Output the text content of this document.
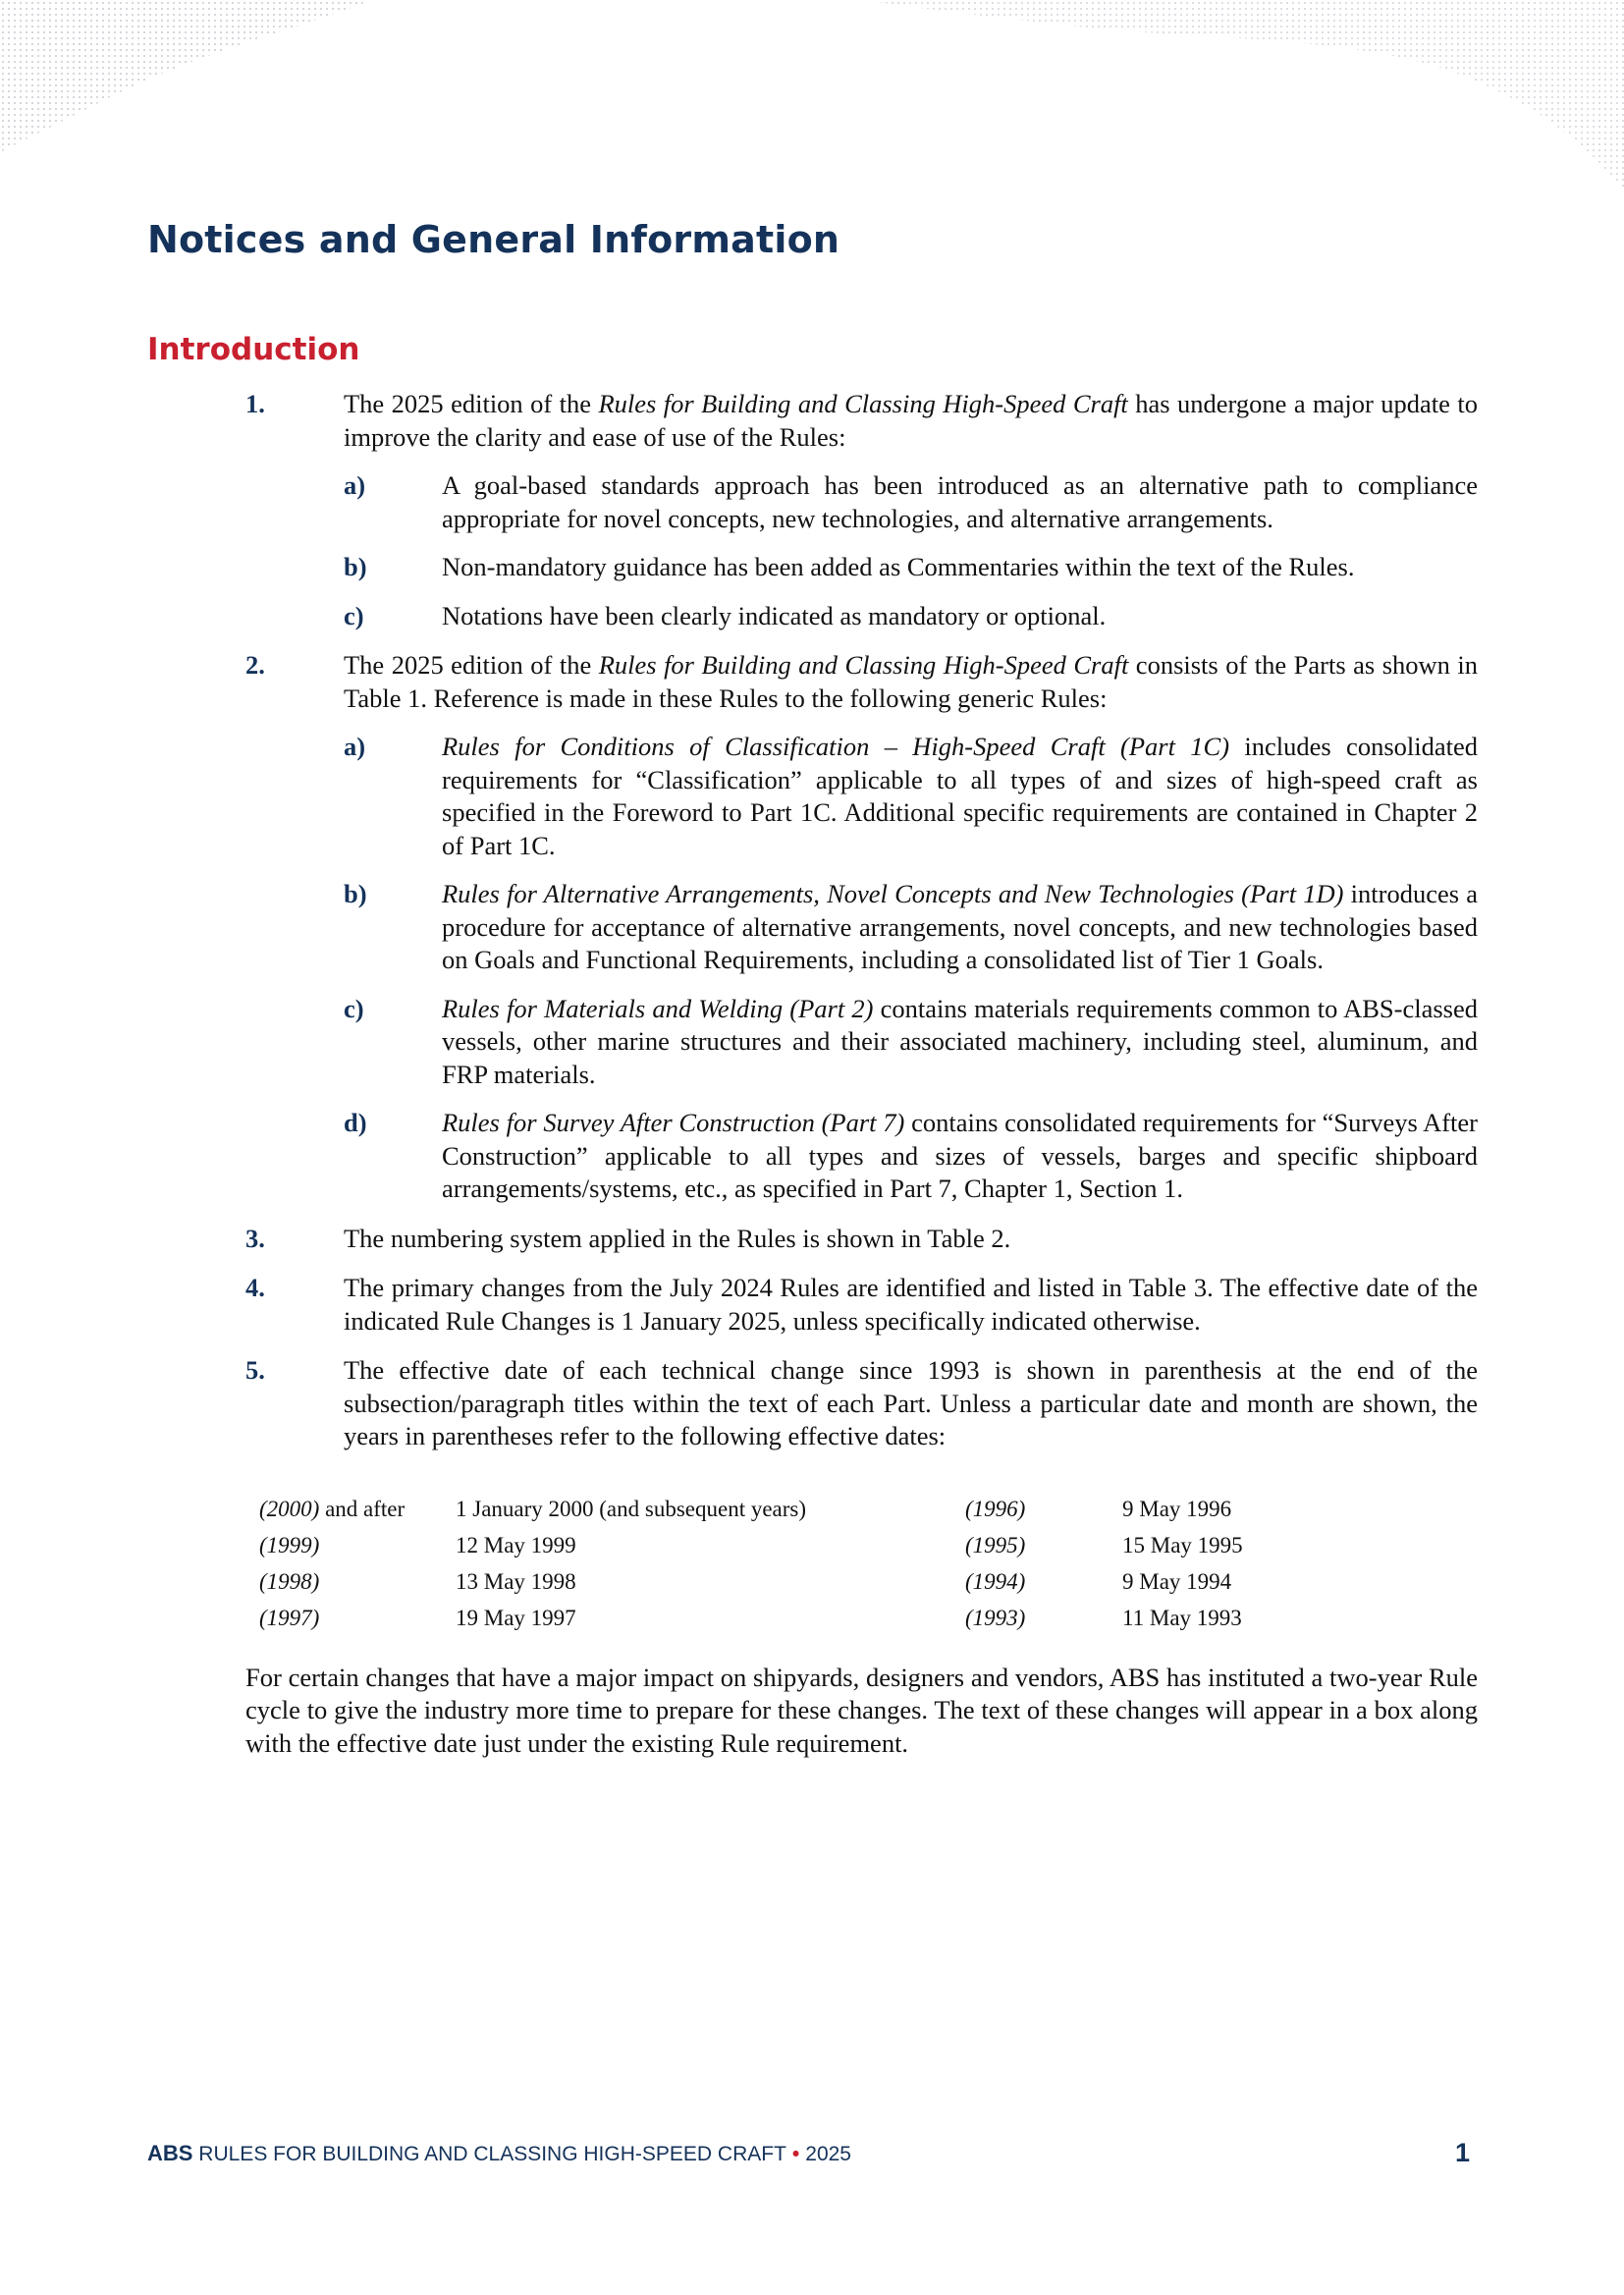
Notices and General Information
Introduction
1.	The 2025 edition of the Rules for Building and Classing High-Speed Craft has undergone a major update to improve the clarity and ease of use of the Rules:
a)	A goal-based standards approach has been introduced as an alternative path to compliance appropriate for novel concepts, new technologies, and alternative arrangements.
b)	Non-mandatory guidance has been added as Commentaries within the text of the Rules.
c)	Notations have been clearly indicated as mandatory or optional.
2.	The 2025 edition of the Rules for Building and Classing High-Speed Craft consists of the Parts as shown in Table 1. Reference is made in these Rules to the following generic Rules:
a)	Rules for Conditions of Classification – High-Speed Craft (Part 1C) includes consolidated requirements for “Classification” applicable to all types of and sizes of high-speed craft as specified in the Foreword to Part 1C. Additional specific requirements are contained in Chapter 2 of Part 1C.
b)	Rules for Alternative Arrangements, Novel Concepts and New Technologies (Part 1D) introduces a procedure for acceptance of alternative arrangements, novel concepts, and new technologies based on Goals and Functional Requirements, including a consolidated list of Tier 1 Goals.
c)	Rules for Materials and Welding (Part 2) contains materials requirements common to ABS-classed vessels, other marine structures and their associated machinery, including steel, aluminum, and FRP materials.
d)	Rules for Survey After Construction (Part 7) contains consolidated requirements for “Surveys After Construction” applicable to all types and sizes of vessels, barges and specific shipboard arrangements/systems, etc., as specified in Part 7, Chapter 1, Section 1.
3.	The numbering system applied in the Rules is shown in Table 2.
4.	The primary changes from the July 2024 Rules are identified and listed in Table 3. The effective date of the indicated Rule Changes is 1 January 2025, unless specifically indicated otherwise.
5.	The effective date of each technical change since 1993 is shown in parenthesis at the end of the subsection/paragraph titles within the text of each Part. Unless a particular date and month are shown, the years in parentheses refer to the following effective dates:
(2000) and after	1 January 2000 (and subsequent years)	(1996)	9 May 1996
(1999)	12 May 1999	(1995)	15 May 1995
(1998)	13 May 1998	(1994)	9 May 1994
(1997)	19 May 1997	(1993)	11 May 1993

For certain changes that have a major impact on shipyards, designers and vendors, ABS has instituted a two-year Rule cycle to give the industry more time to prepare for these changes. The text of these changes will appear in a box along with the effective date just under the existing Rule requirement.

ABS RULES FOR BUILDING AND CLASSING HIGH-SPEED CRAFT • 2025	1
